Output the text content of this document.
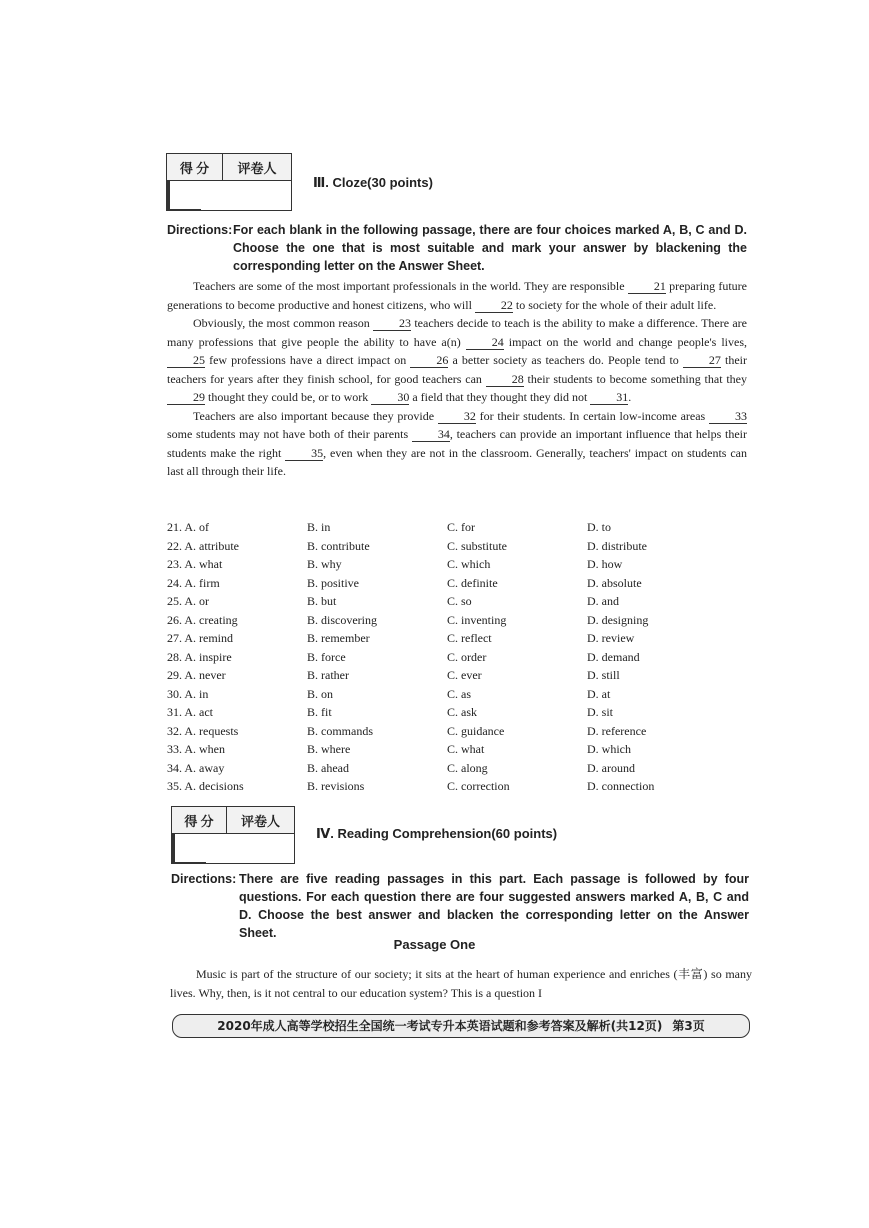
得 分	评卷人

Ⅲ. Cloze(30 points)
Directions: For each blank in the following passage, there are four choices marked A, B, C and D. Choose the one that is most suitable and mark your answer by blackening the corresponding letter on the Answer Sheet.

Teachers are some of the most important professionals in the world. They are responsible 21 preparing future generations to become productive and honest citizens, who will 22 to society for the whole of their adult life.

Obviously, the most common reason 23 teachers decide to teach is the ability to make a difference. There are many professions that give people the ability to have a(n) 24 impact on the world and change people's lives, 25 few professions have a direct impact on 26 a better society as teachers do. People tend to 27 their teachers for years after they finish school, for good teachers can 28 their students to become something that they 29 thought they could be, or to work 30 a field that they thought they did not 31.

Teachers are also important because they provide 32 for their students. In certain low-income areas 33 some students may not have both of their parents 34, teachers can provide an important influence that helps their students make the right 35, even when they are not in the classroom. Generally, teachers' impact on students can last all through their life.

21. A. of	B. in	C. for	D. to
22. A. attribute	B. contribute	C. substitute	D. distribute
23. A. what	B. why	C. which	D. how
24. A. firm	B. positive	C. definite	D. absolute
25. A. or	B. but	C. so	D. and
26. A. creating	B. discovering	C. inventing	D. designing
27. A. remind	B. remember	C. reflect	D. review
28. A. inspire	B. force	C. order	D. demand
29. A. never	B. rather	C. ever	D. still
30. A. in	B. on	C. as	D. at
31. A. act	B. fit	C. ask	D. sit
32. A. requests	B. commands	C. guidance	D. reference
33. A. when	B. where	C. what	D. which
34. A. away	B. ahead	C. along	D. around
35. A. decisions	B. revisions	C. correction	D. connection
得 分	评卷人

Ⅳ. Reading Comprehension(60 points)
Directions: There are five reading passages in this part. Each passage is followed by four questions. For each question there are four suggested answers marked A, B, C and D. Choose the best answer and blacken the corresponding letter on the Answer Sheet.
Passage One

Music is part of the structure of our society; it sits at the heart of human experience and enriches (丰富) so many lives. Why, then, is it not central to our education system? This is a question I

2020年成人高等学校招生全国统一考试专升本英语试题和参考答案及解析(共12页) 第3页
